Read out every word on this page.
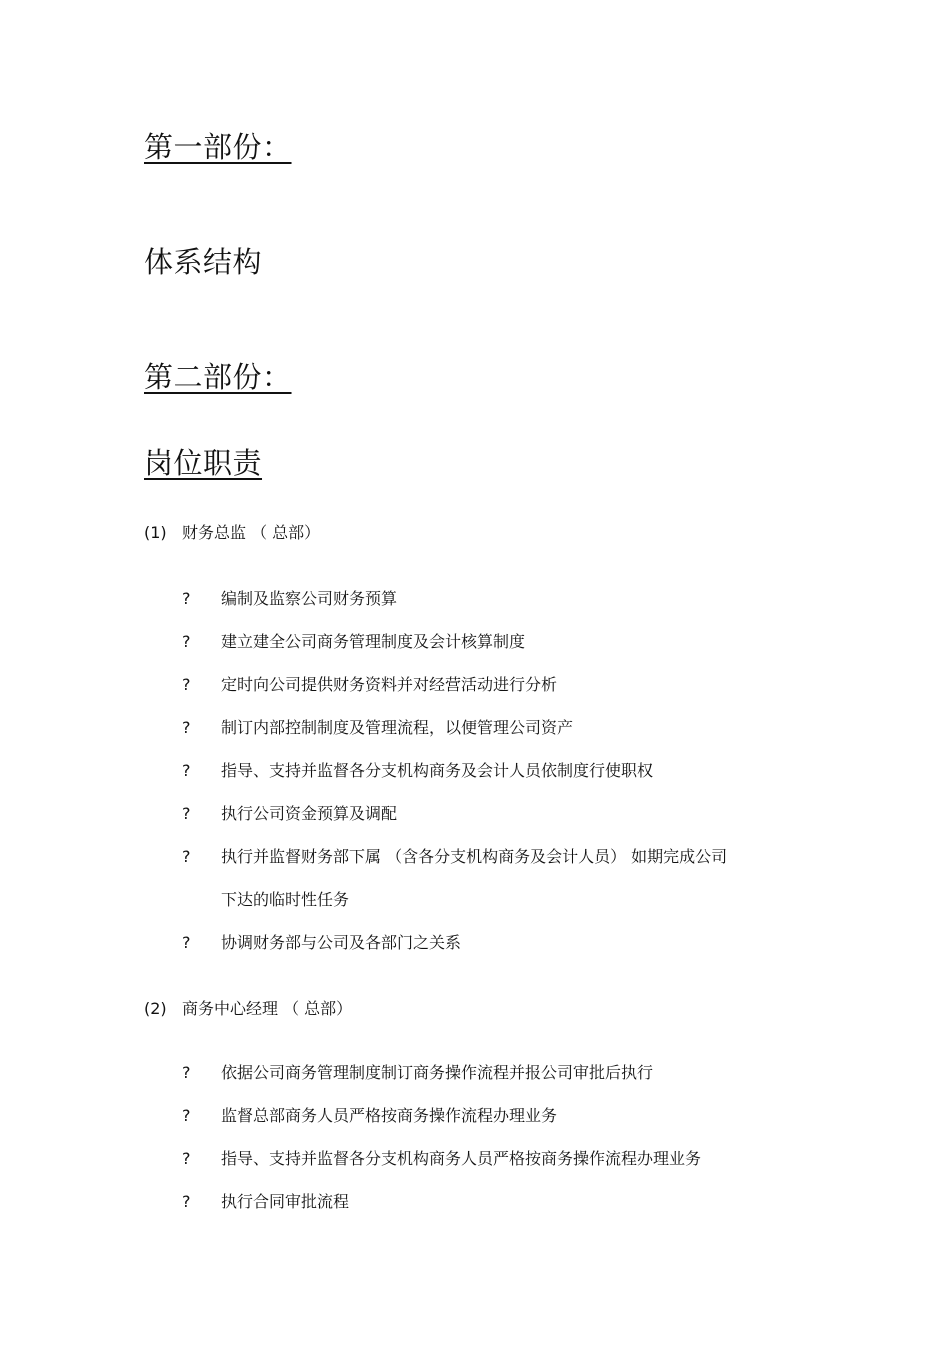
第一部份：
体系结构
第二部份：
岗位职责
(1) 财务总监 （ 总部）
? 编制及监察公司财务预算
? 建立建全公司商务管理制度及会计核算制度
? 定时向公司提供财务资料并对经营活动进行分析
? 制订内部控制制度及管理流程，以便管理公司资产
? 指导、支持并监督各分支机构商务及会计人员依制度行使职权
? 执行公司资金预算及调配
? 执行并监督财务部下属 （含各分支机构商务及会计人员） 如期完成公司
下达的临时性任务
? 协调财务部与公司及各部门之关系
(2) 商务中心经理 （ 总部）
? 依据公司商务管理制度制订商务操作流程并报公司审批后执行
? 监督总部商务人员严格按商务操作流程办理业务
? 指导、支持并监督各分支机构商务人员严格按商务操作流程办理业务
? 执行合同审批流程
